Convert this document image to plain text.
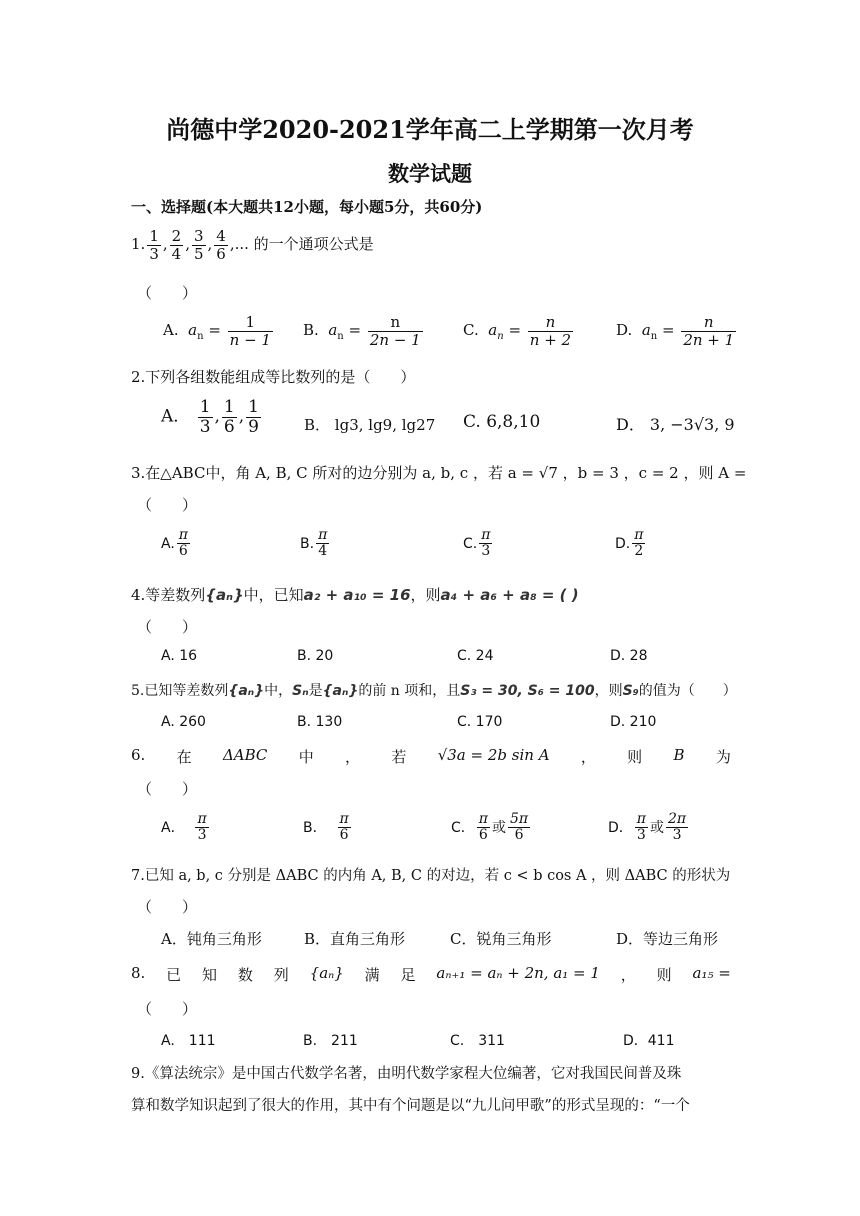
尚德中学2020-2021学年高二上学期第一次月考
数学试题
一、选择题(本大题共12小题，每小题5分，共60分)
1. $\frac{1}{3}$ , $\frac{2}{4}$ , $\frac{3}{5}$ , $\frac{4}{6}$ ,... 的一个通项公式是
（　　）
A. $a_n = \frac{1}{n - 1} B$. $a_n = \frac{n}{2n - 1}$	C. $a_n = \frac{n}{n + 2}$	D. $a_n = \frac{n}{2n + 1}$
2.下列各组数能组成等比数列的是（　　）
A． $\frac{1}{3}$ , $\frac{1}{6}$ , $\frac{1}{9}$	B． lg3, lg9, lg27 C. 6,8,10	D． 3, −3√3, 9
3.在△ABC中，角 A, B, C 所对的边分别为 a, b, c ，若 a = √7 ，b = 3 ，c = 2 ，则 A =
（　　）
A. $\frac{\pi}{6}$	B. $\frac{\pi}{4}$	C. $\frac{\pi}{3}$	D. $\frac{\pi}{2}$
4.等差数列{aₙ}中，已知a₂ + a₁₀ = 16，则a₄ + a₆ + a₈ = ( )
（　　）
A. 16	B. 20	C. 24	D. 28
5.已知等差数列{aₙ}中，Sₙ是{aₙ}的前 n 项和，且S₃ = 30, S₆ = 100，则S₉的值为（　　）
A. 260	B. 130	C. 170	D. 210
6. 在 ΔABC 中 ， 若 √3a = 2b sin A ， 则 B 为
（　　）
A． $\frac{\pi}{3}$	B． $\frac{\pi}{6}$	C． $\frac{\pi}{6}$ 或 $\frac{5\pi}{6}$	D． $\frac{\pi}{3}$ 或 $\frac{2\pi}{3}$
7.已知 a, b, c 分别是 ΔABC 的内角 A, B, C 的对边，若 c < b cos A ，则 ΔABC 的形状为
（　　）
A．钝角三角形	B．直角三角形	C．锐角三角形	D．等边三角形
8. 已 知 数 列 {aₙ} 满 足 aₙ₊₁ = aₙ + 2n, a₁ = 1 ， 则 a₁₅ =
（　　）
A.　111	B.　211	C.　311	D．411
9.《算法统宗》是中国古代数学名著，由明代数学家程大位编著，它对我国民间普及珠
算和数学知识起到了很大的作用，其中有个问题是以“九儿问甲歌”的形式呈现的：“一个
